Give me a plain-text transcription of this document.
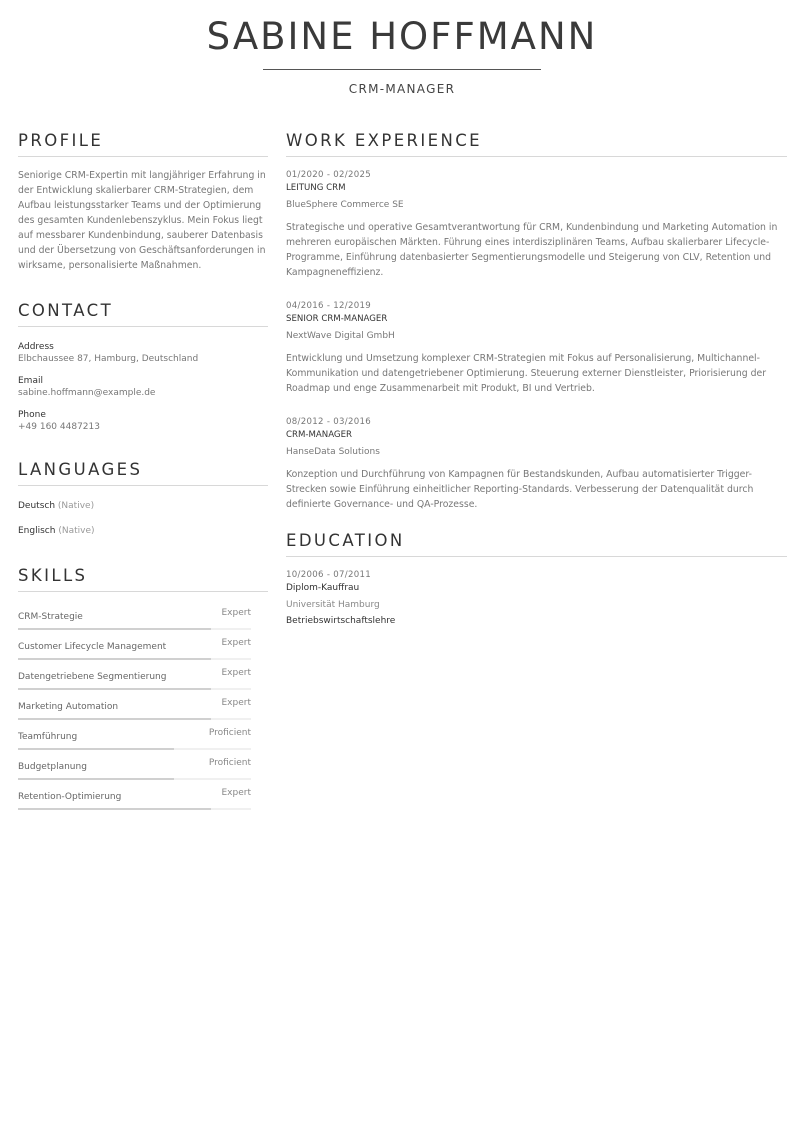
SABINE HOFFMANN
CRM-MANAGER
PROFILE
Seniorige CRM-Expertin mit langjähriger Erfahrung in der Entwicklung skalierbarer CRM-Strategien, dem Aufbau leistungsstarker Teams und der Optimierung des gesamten Kundenlebenszyklus. Mein Fokus liegt auf messbarer Kundenbindung, sauberer Datenbasis und der Übersetzung von Geschäftsanforderungen in wirksame, personalisierte Maßnahmen.
CONTACT
Address
Elbchaussee 87, Hamburg, Deutschland
Email
sabine.hoffmann@example.de
Phone
+49 160 4487213
LANGUAGES
Deutsch (Native)
Englisch (Native)
SKILLS
CRM-Strategie	Expert
Customer Lifecycle Management	Expert
Datengetriebene Segmentierung	Expert
Marketing Automation	Expert
Teamführung	Proficient
Budgetplanung	Proficient
Retention-Optimierung	Expert
WORK EXPERIENCE
01/2020 - 02/2025
LEITUNG CRM
BlueSphere Commerce SE
Strategische und operative Gesamtverantwortung für CRM, Kundenbindung und Marketing Automation in mehreren europäischen Märkten. Führung eines interdisziplinären Teams, Aufbau skalierbarer Lifecycle-Programme, Einführung datenbasierter Segmentierungsmodelle und Steigerung von CLV, Retention und Kampagneneffizienz.
04/2016 - 12/2019
SENIOR CRM-MANAGER
NextWave Digital GmbH
Entwicklung und Umsetzung komplexer CRM-Strategien mit Fokus auf Personalisierung, Multichannel-Kommunikation und datengetriebener Optimierung. Steuerung externer Dienstleister, Priorisierung der Roadmap und enge Zusammenarbeit mit Produkt, BI und Vertrieb.
08/2012 - 03/2016
CRM-MANAGER
HanseData Solutions
Konzeption und Durchführung von Kampagnen für Bestandskunden, Aufbau automatisierter Trigger-Strecken sowie Einführung einheitlicher Reporting-Standards. Verbesserung der Datenqualität durch definierte Governance- und QA-Prozesse.
EDUCATION
10/2006 - 07/2011
Diplom-Kauffrau
Universität Hamburg
Betriebswirtschaftslehre
